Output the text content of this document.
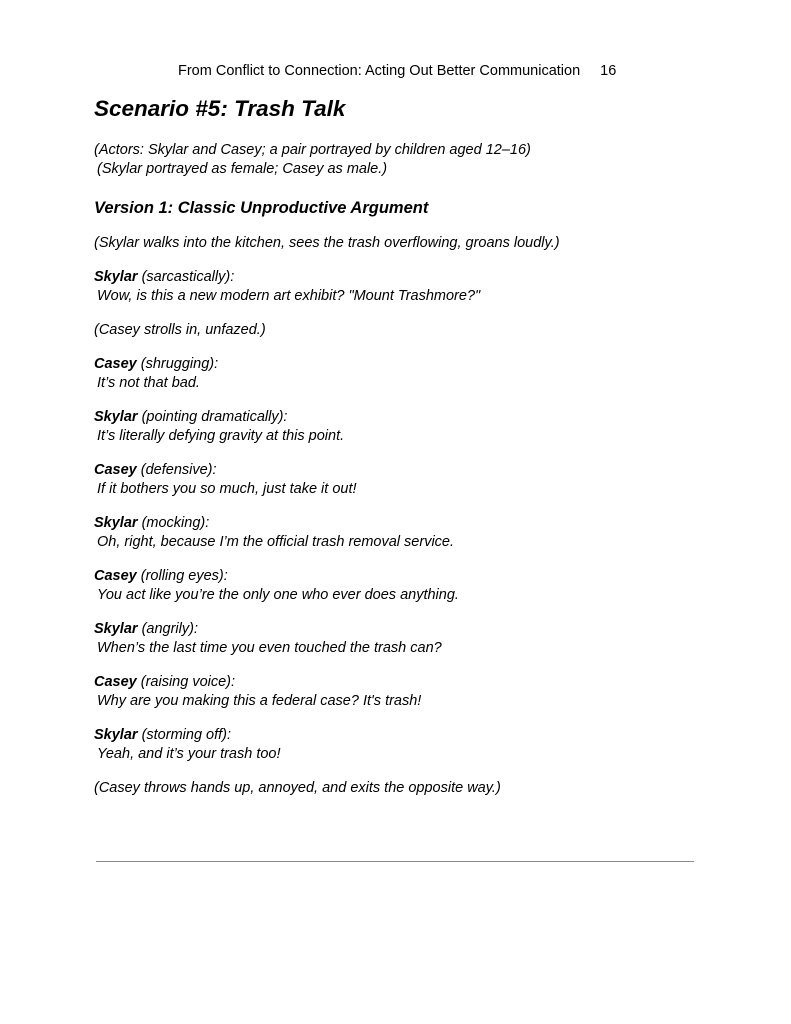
From Conflict to Connection: Acting Out Better Communication 16
Scenario #5: Trash Talk
(Actors: Skylar and Casey; a pair portrayed by children aged 12–16)
(Skylar portrayed as female; Casey as male.)
Version 1: Classic Unproductive Argument
(Skylar walks into the kitchen, sees the trash overflowing, groans loudly.)
Skylar (sarcastically):
Wow, is this a new modern art exhibit? "Mount Trashmore?"
(Casey strolls in, unfazed.)
Casey (shrugging):
It’s not that bad.
Skylar (pointing dramatically):
It’s literally defying gravity at this point.
Casey (defensive):
If it bothers you so much, just take it out!
Skylar (mocking):
Oh, right, because I’m the official trash removal service.
Casey (rolling eyes):
You act like you’re the only one who ever does anything.
Skylar (angrily):
When’s the last time you even touched the trash can?
Casey (raising voice):
Why are you making this a federal case? It's trash!
Skylar (storming off):
Yeah, and it’s your trash too!
(Casey throws hands up, annoyed, and exits the opposite way.)
